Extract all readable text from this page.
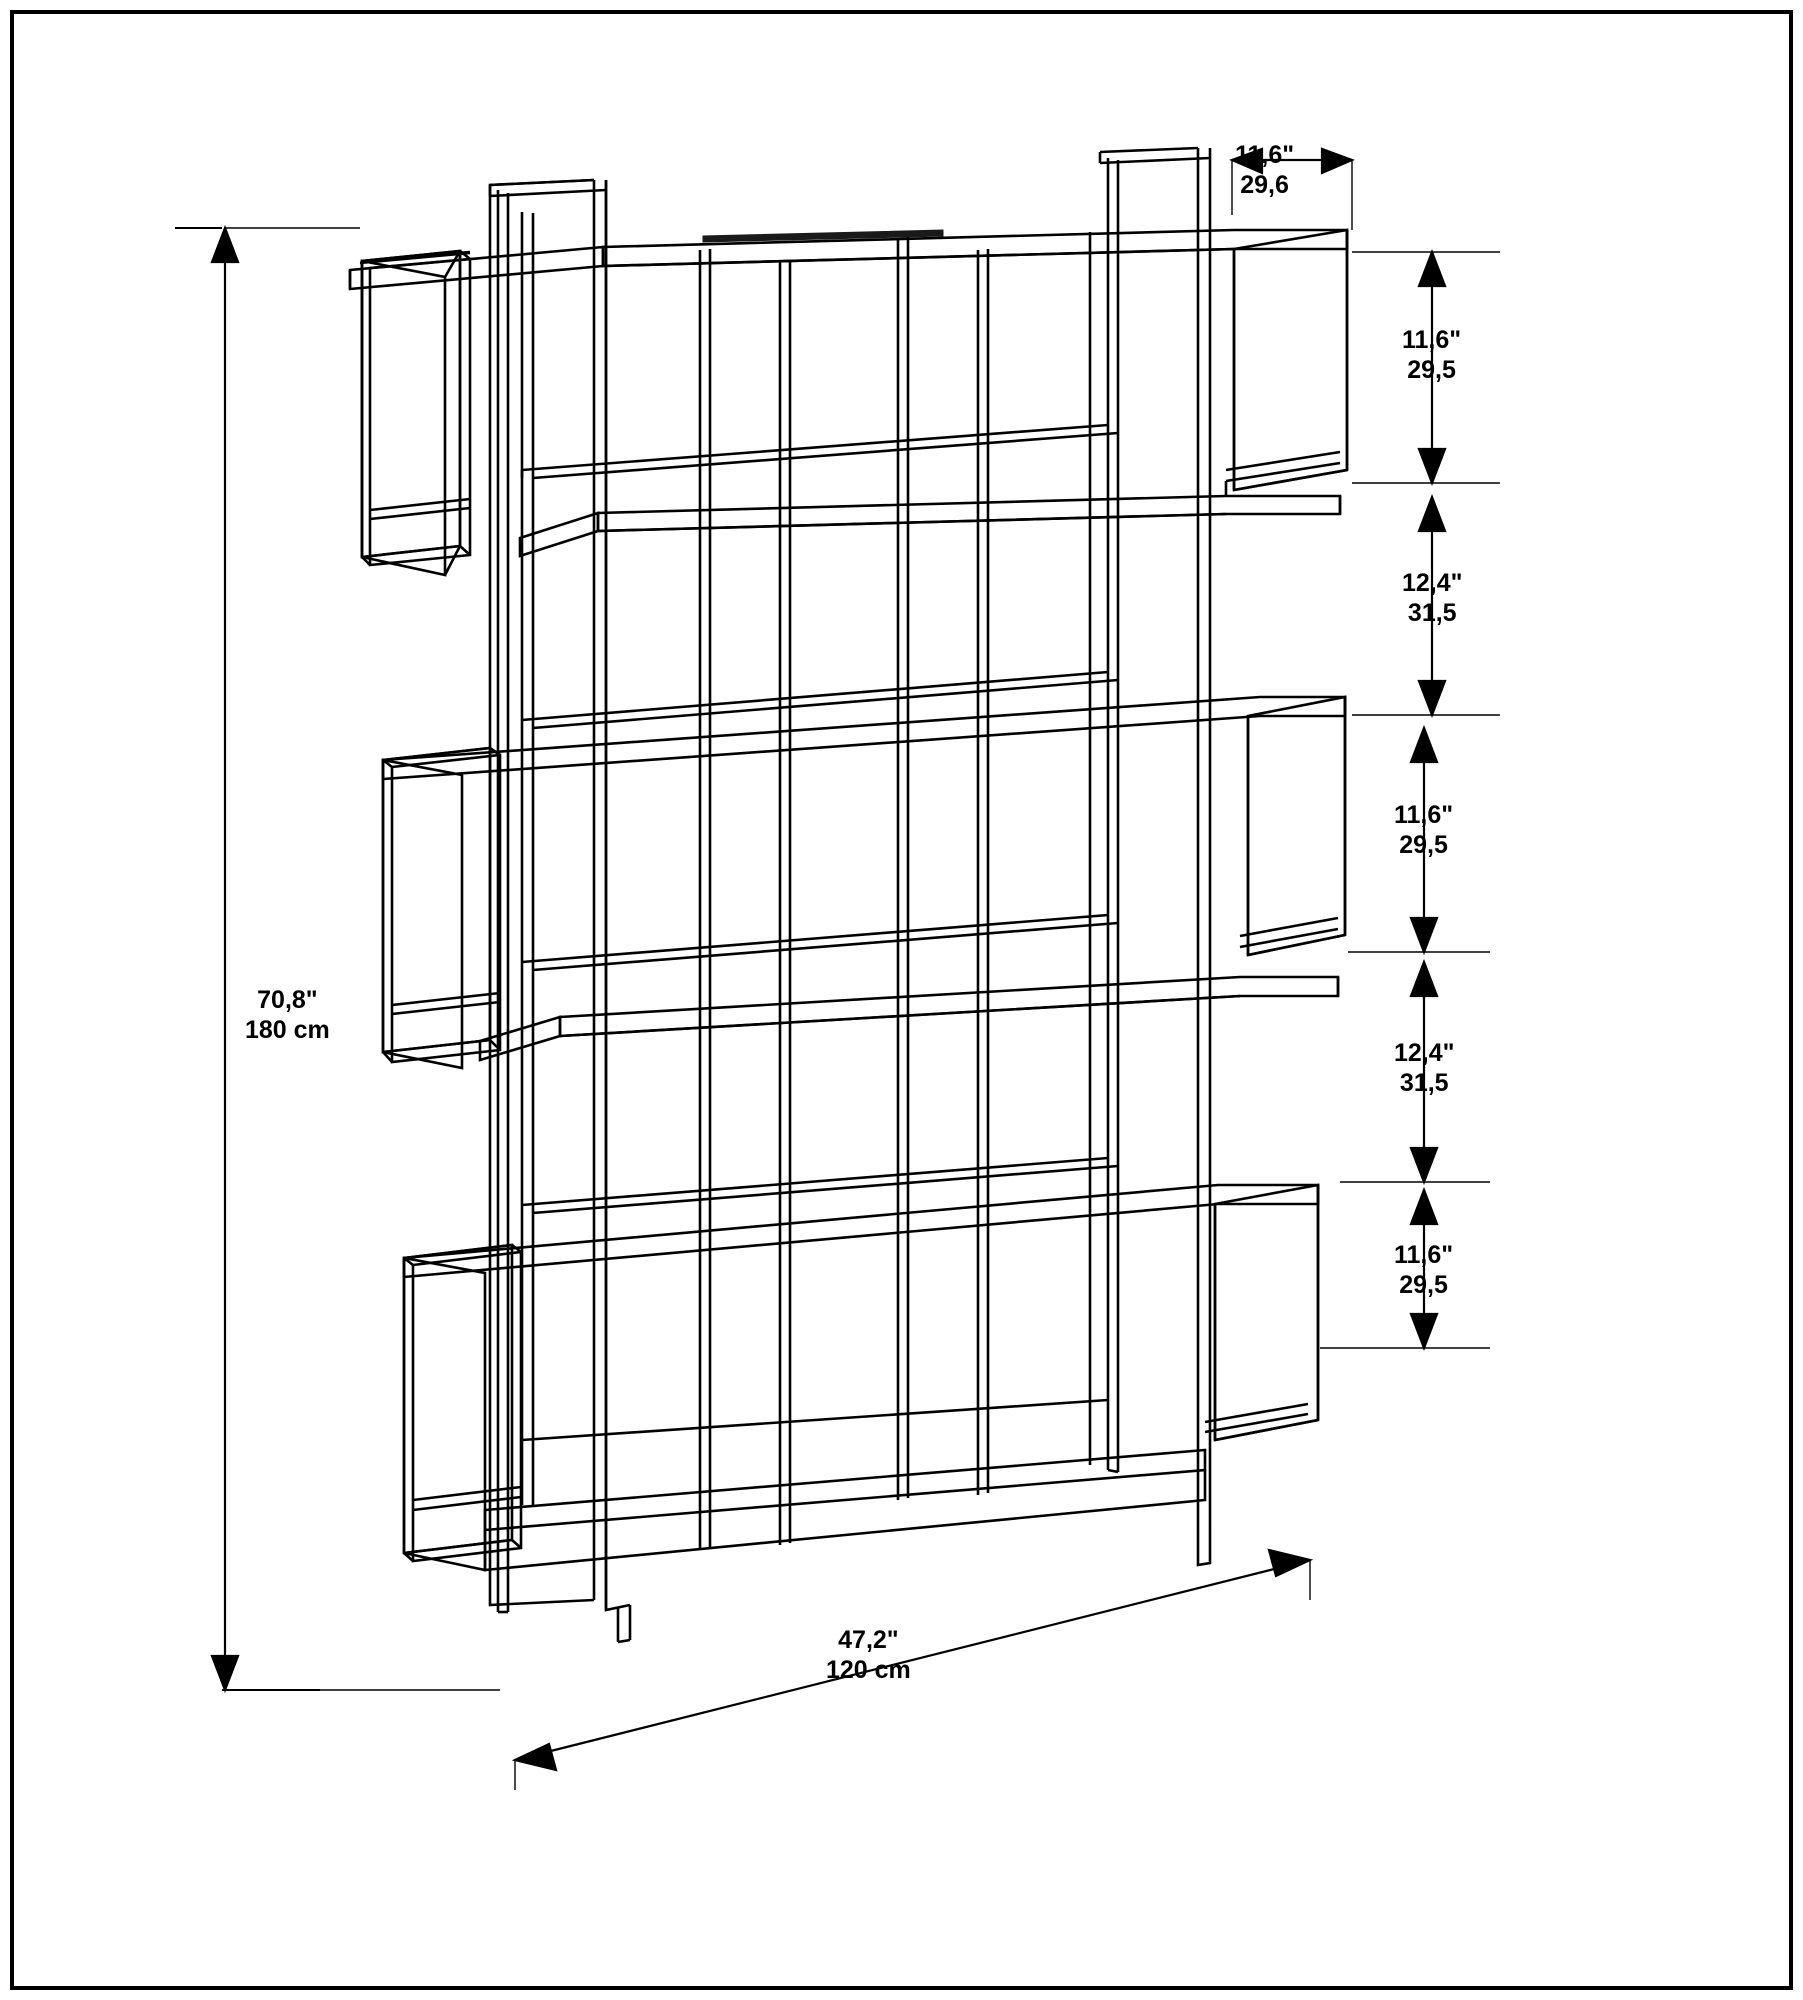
70,8"
180 cm
47,2"
120 cm
11,6"
29,6
11,6"
29,5
12,4"
31,5
11,6"
29,5
12,4"
31,5
11,6"
29,5
